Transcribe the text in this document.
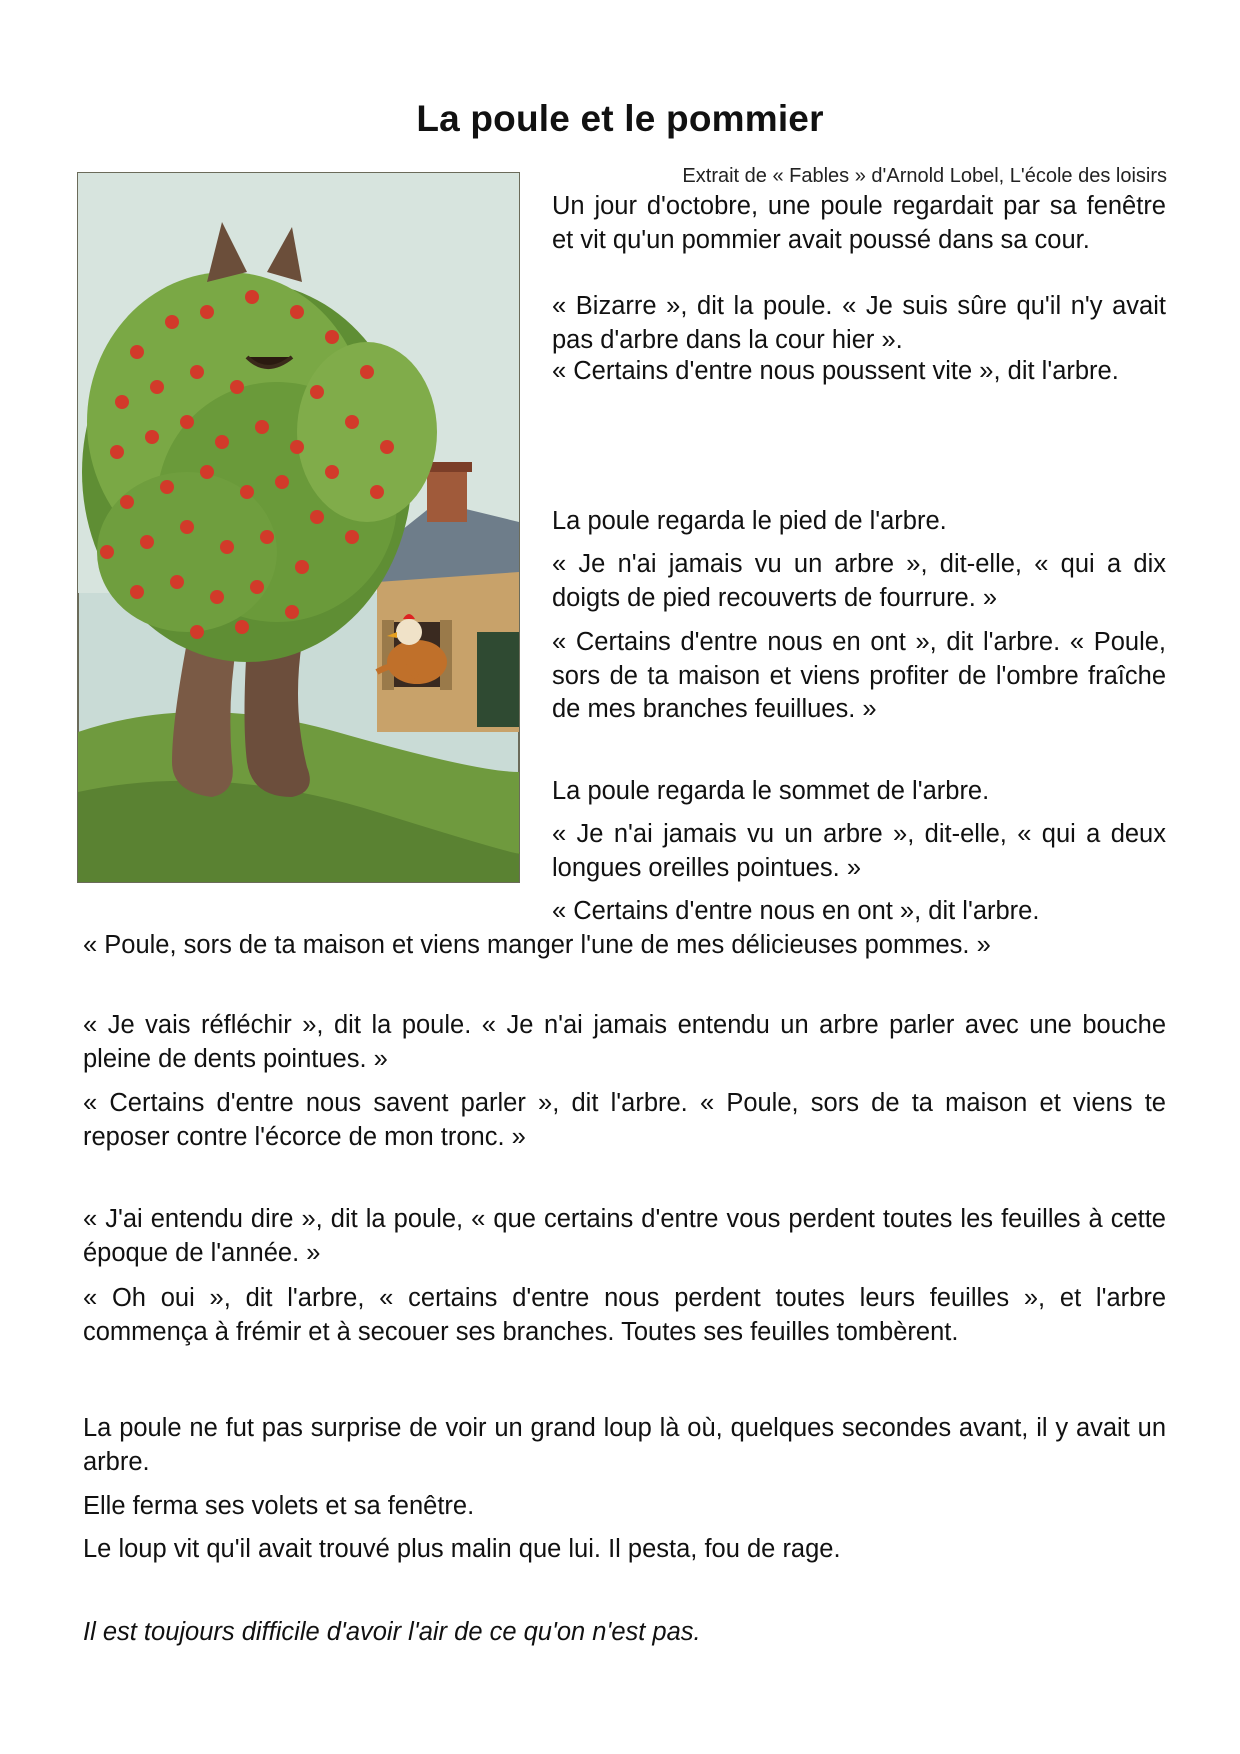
La poule et le pommier
Extrait de « Fables » d'Arnold Lobel, L'école des loisirs

Un jour d'octobre, une poule regardait par sa fenêtre et vit qu'un pommier avait poussé dans sa cour.

« Bizarre », dit la poule. « Je suis sûre qu'il n'y avait pas d'arbre dans la cour hier ».

« Certains d'entre nous poussent vite », dit l'arbre.

La poule regarda le pied de l'arbre.

« Je n'ai jamais vu un arbre », dit-elle, « qui a dix doigts de pied recouverts de fourrure. »

« Certains d'entre nous en ont », dit l'arbre. « Poule, sors de ta maison et viens profiter de l'ombre fraîche de mes branches feuillues. »

La poule regarda le sommet de l'arbre.

« Je n'ai jamais vu un arbre », dit-elle, « qui a deux longues oreilles pointues. »

« Certains d'entre nous en ont », dit l'arbre.

« Poule, sors de ta maison et viens manger l'une de mes délicieuses pommes. »

« Je vais réfléchir », dit la poule. « Je n'ai jamais entendu un arbre parler avec une bouche pleine de dents pointues. »

« Certains d'entre nous savent parler », dit l'arbre. « Poule, sors de ta maison et viens te reposer contre l'écorce de mon tronc. »

« J'ai entendu dire », dit la poule, « que certains d'entre vous perdent toutes les feuilles à cette époque de l'année. »

« Oh oui », dit l'arbre, « certains d'entre nous perdent toutes leurs feuilles », et l'arbre commença à frémir et à secouer ses branches. Toutes ses feuilles tombèrent.

La poule ne fut pas surprise de voir un grand loup là où, quelques secondes avant, il y avait un arbre.

Elle ferma ses volets et sa fenêtre.

Le loup vit qu'il avait trouvé plus malin que lui. Il pesta, fou de rage.

Il est toujours difficile d'avoir l'air de ce qu'on n'est pas.
